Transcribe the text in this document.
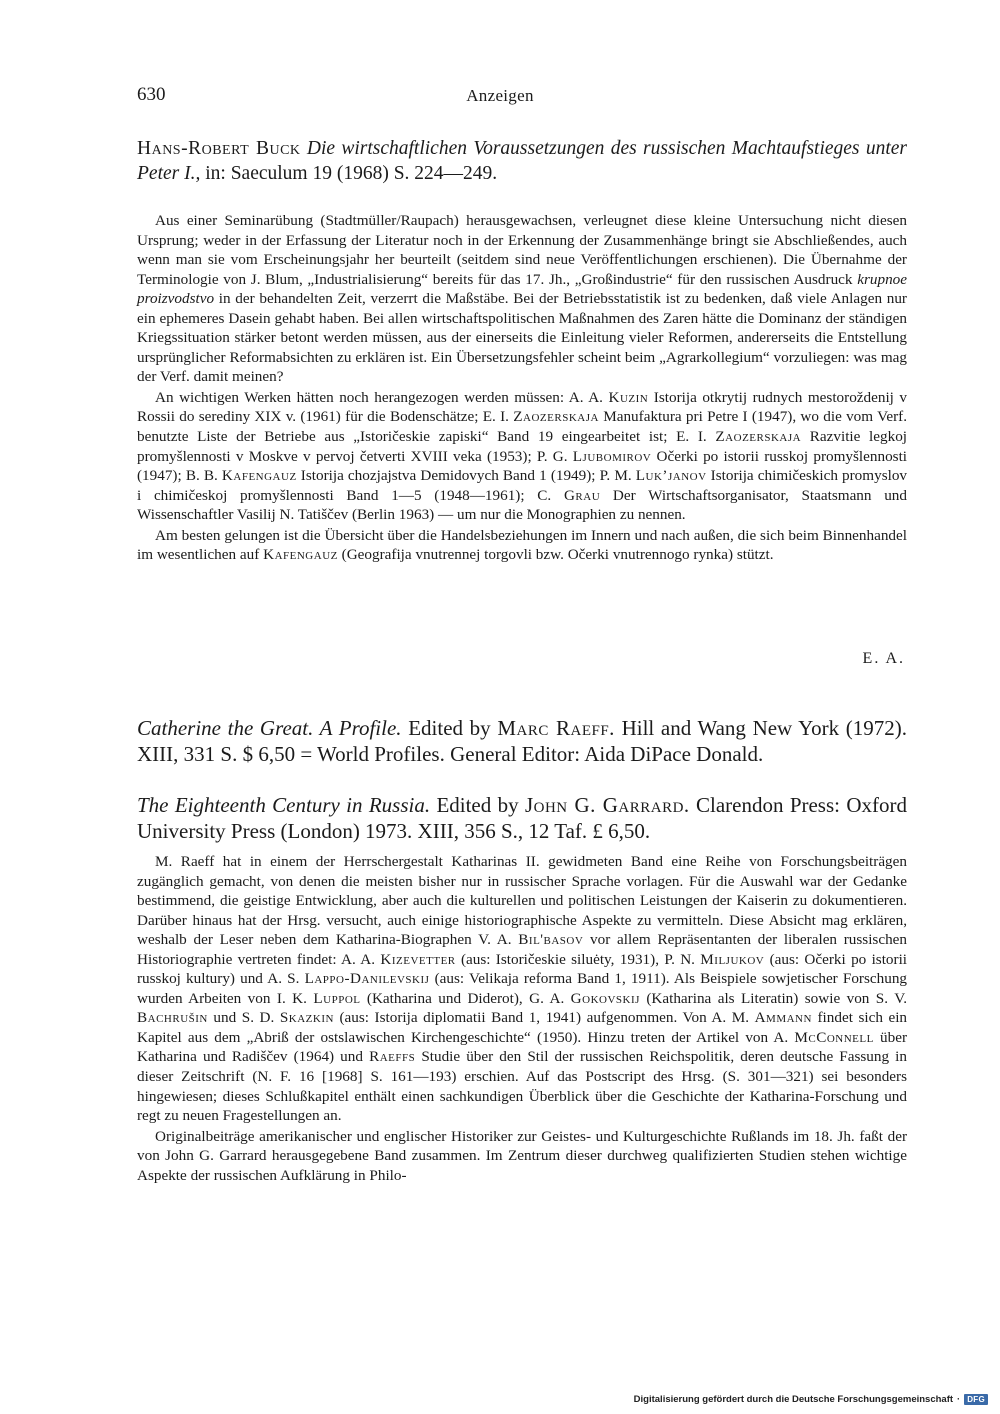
630	Anzeigen
Hans-Robert Buck Die wirtschaftlichen Voraussetzungen des russischen Machtaufstieges unter Peter I., in: Saeculum 19 (1968) S. 224—249.

Aus einer Seminarübung (Stadtmüller/Raupach) herausgewachsen, verleugnet diese kleine Untersuchung nicht diesen Ursprung; weder in der Erfassung der Literatur noch in der Erkennung der Zusammenhänge bringt sie Abschließendes, auch wenn man sie vom Erscheinungsjahr her beurteilt (seitdem sind neue Veröffentlichungen erschienen). Die Übernahme der Terminologie von J. Blum, „Industrialisierung“ bereits für das 17. Jh., „Großindustrie“ für den russischen Ausdruck krupnoe proizvodstvo in der behandelten Zeit, verzerrt die Maßstäbe. Bei der Betriebsstatistik ist zu bedenken, daß viele Anlagen nur ein ephemeres Dasein gehabt haben. Bei allen wirtschaftspolitischen Maßnahmen des Zaren hätte die Dominanz der ständigen Kriegssituation stärker betont werden müssen, aus der einerseits die Einleitung vieler Reformen, andererseits die Entstellung ursprünglicher Reformabsichten zu erklären ist. Ein Übersetzungsfehler scheint beim „Agrarkollegium“ vorzuliegen: was mag der Verf. damit meinen?

An wichtigen Werken hätten noch herangezogen werden müssen: A. A. Kuzin Istorija otkrytij rudnych mestoroždenij v Rossii do serediny XIX v. (1961) für die Bodenschätze; E. I. Zaozerskaja Manufaktura pri Petre I (1947), wo die vom Verf. benutzte Liste der Betriebe aus „Istoričeskie zapiski“ Band 19 eingearbeitet ist; E. I. Zaozerskaja Razvitie legkoj promyšlennosti v Moskve v pervoj četverti XVIII veka (1953); P. G. Ljubomirov Očerki po istorii russkoj promyšlennosti (1947); B. B. Kafengauz Istorija chozjajstva Demidovych Band 1 (1949); P. M. Luk’janov Istorija chimičeskich promyslov i chimičeskoj promyšlennosti Band 1—5 (1948—1961); C. Grau Der Wirtschaftsorganisator, Staatsmann und Wissenschaftler Vasilij N. Tatiščev (Berlin 1963) — um nur die Monographien zu nennen.

Am besten gelungen ist die Übersicht über die Handelsbeziehungen im Innern und nach außen, die sich beim Binnenhandel im wesentlichen auf Kafengauz (Geografija vnutrennej torgovli bzw. Očerki vnutrennogo rynka) stützt.

E. A.
Catherine the Great. A Profile. Edited by Marc Raeff. Hill and Wang New York (1972). XIII, 331 S. $ 6,50 = World Profiles. General Editor: Aida DiPace Donald.
The Eighteenth Century in Russia. Edited by John G. Garrard. Clarendon Press: Oxford University Press (London) 1973. XIII, 356 S., 12 Taf. £ 6,50.

M. Raeff hat in einem der Herrschergestalt Katharinas II. gewidmeten Band eine Reihe von Forschungsbeiträgen zugänglich gemacht, von denen die meisten bisher nur in russischer Sprache vorlagen. Für die Auswahl war der Gedanke bestimmend, die geistige Entwicklung, aber auch die kulturellen und politischen Leistungen der Kaiserin zu dokumentieren. Darüber hinaus hat der Hrsg. versucht, auch einige historiographische Aspekte zu vermitteln. Diese Absicht mag erklären, weshalb der Leser neben dem Katharina-Biographen V. A. Bil'basov vor allem Repräsentanten der liberalen russischen Historiographie vertreten findet: A. A. Kizevetter (aus: Istoričeskie siluėty, 1931), P. N. Miljukov (aus: Očerki po istorii russkoj kultury) und A. S. Lappo-Danilevskij (aus: Velikaja reforma Band 1, 1911). Als Beispiele sowjetischer Forschung wurden Arbeiten von I. K. Luppol (Katharina und Diderot), G. A. Gokovskij (Katharina als Literatin) sowie von S. V. Bachrušin und S. D. Skazkin (aus: Istorija diplomatii Band 1, 1941) aufgenommen. Von A. M. Ammann findet sich ein Kapitel aus dem „Abriß der ostslawischen Kirchengeschichte“ (1950). Hinzu treten der Artikel von A. McConnell über Katharina und Radiščev (1964) und Raeffs Studie über den Stil der russischen Reichspolitik, deren deutsche Fassung in dieser Zeitschrift (N. F. 16 [1968] S. 161—193) erschien. Auf das Postscript des Hrsg. (S. 301—321) sei besonders hingewiesen; dieses Schlußkapitel enthält einen sachkundigen Überblick über die Geschichte der Katharina-Forschung und regt zu neuen Fragestellungen an.

Originalbeiträge amerikanischer und englischer Historiker zur Geistes- und Kulturgeschichte Rußlands im 18. Jh. faßt der von John G. Garrard herausgegebene Band zusammen. Im Zentrum dieser durchweg qualifizierten Studien stehen wichtige Aspekte der russischen Aufklärung in Philo-

Digitalisierung gefördert durch die Deutsche Forschungsgemeinschaft · DFG
